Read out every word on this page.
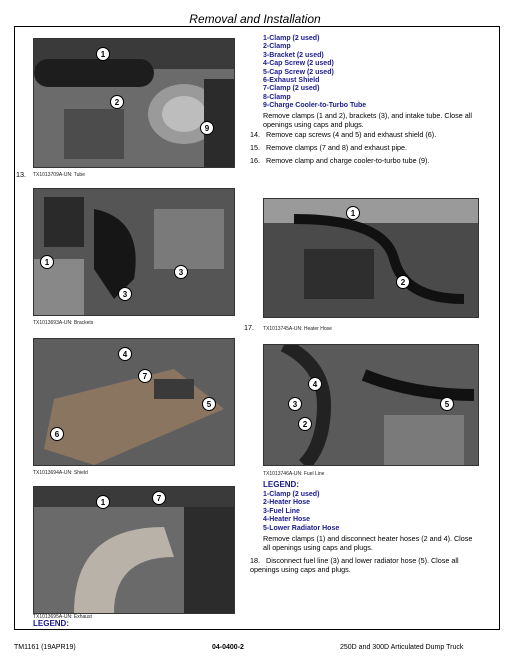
Removal and Installation
1
2
9
13. TX1013709A-UN: Tube
1-Clamp (2 used)
2-Clamp
3-Bracket (2 used)
4-Cap Screw (2 used)
5-Cap Screw (2 used)
6-Exhaust Shield
7-Clamp (2 used)
8-Clamp
9-Charge Cooler-to-Turbo Tube
Remove clamps (1 and 2), brackets (3), and intake tube. Close all openings using caps and plugs.
14. Remove cap screws (4 and 5) and exhaust shield (6).
15. Remove clamps (7 and 8) and exhaust pipe.
16. Remove clamp and charge cooler-to-turbo tube (9).
1
3
3
TX1013693A-UN: Brackets
1
2
17. TX1013745A-UN: Heater Hose
4
7
5
6
TX1013694A-UN: Shield
4
3
2
5
TX1013746A-UN: Fuel Line
LEGEND:
1-Clamp (2 used)
2-Heater Hose
3-Fuel Line
4-Heater Hose
5-Lower Radiator Hose
Remove clamps (1) and disconnect heater hoses (2 and 4). Close all openings using caps and plugs.
18. Disconnect fuel line (3) and lower radiator hose (5). Close all openings using caps and plugs.
1	7
TX1013695A-UN: Exhaust
LEGEND:
TM1161 (19APR19)	04-0400-2	250D and 300D Articulated Dump Truck
